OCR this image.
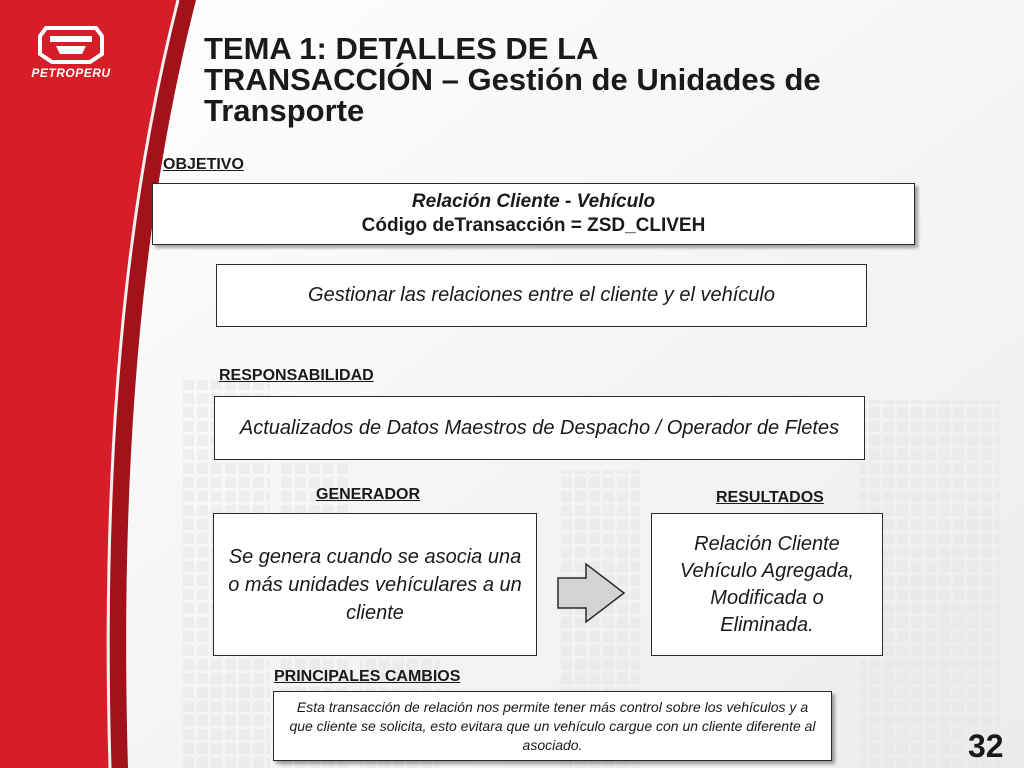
PETROPERU
TEMA 1: DETALLES DE LA
TRANSACCIÓN – Gestión de Unidades de
Transporte
OBJETIVO
Relación Cliente - Vehículo
Código deTransacción = ZSD_CLIVEH
Gestionar las relaciones entre el cliente y el vehículo
RESPONSABILIDAD
Actualizados de Datos Maestros de Despacho / Operador de Fletes
GENERADOR
Se genera cuando se asocia una o más unidades vehículares a un cliente
RESULTADOS
Relación Cliente Vehículo Agregada, Modificada o Eliminada.
PRINCIPALES CAMBIOS
Esta transacción de relación nos permite tener más control sobre los vehículos y a que cliente se solicita, esto evitara que un vehículo cargue con un cliente diferente al asociado.	32
